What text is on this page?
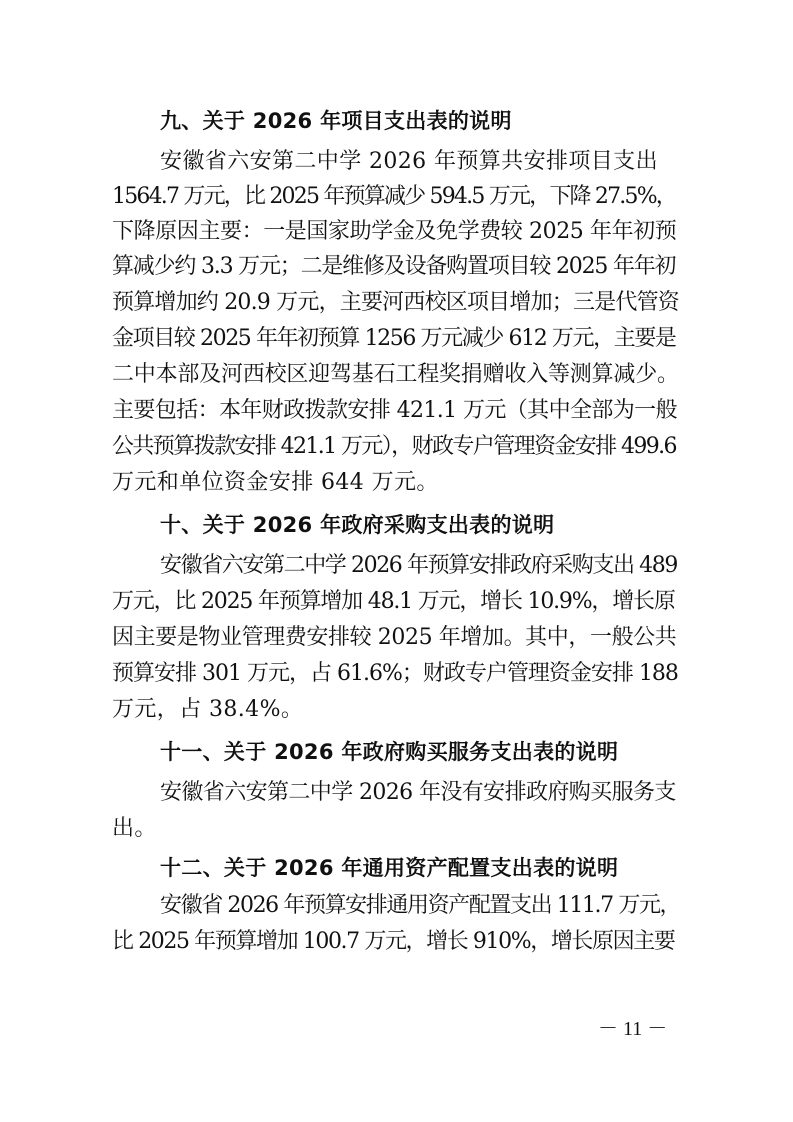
九、关于 2026 年项目支出表的说明
安徽省六安第二中学 2026 年预算共安排项目支出
1564.7 万元，比 2025 年预算减少 594.5 万元，下降 27.5%，
下降原因主要：一是国家助学金及免学费较 2025 年年初预
算减少约 3.3 万元；二是维修及设备购置项目较 2025 年年初
预算增加约 20.9 万元，主要河西校区项目增加；三是代管资
金项目较 2025 年年初预算 1256 万元减少 612 万元，主要是
二中本部及河西校区迎驾基石工程奖捐赠收入等测算减少。
主要包括：本年财政拨款安排 421.1 万元（其中全部为一般
公共预算拨款安排 421.1 万元），财政专户管理资金安排 499.6
万元和单位资金安排 644 万元。
十、关于 2026 年政府采购支出表的说明
安徽省六安第二中学 2026 年预算安排政府采购支出 489
万元，比 2025 年预算增加 48.1 万元，增长 10.9%，增长原
因主要是物业管理费安排较 2025 年增加。其中，一般公共
预算安排 301 万元，占 61.6%；财政专户管理资金安排 188
万元，占 38.4%。
十一、关于 2026 年政府购买服务支出表的说明
安徽省六安第二中学 2026 年没有安排政府购买服务支
出。
十二、关于 2026 年通用资产配置支出表的说明
安徽省 2026 年预算安排通用资产配置支出 111.7 万元，
比 2025 年预算增加 100.7 万元，增长 910%，增长原因主要
－ 11 －
